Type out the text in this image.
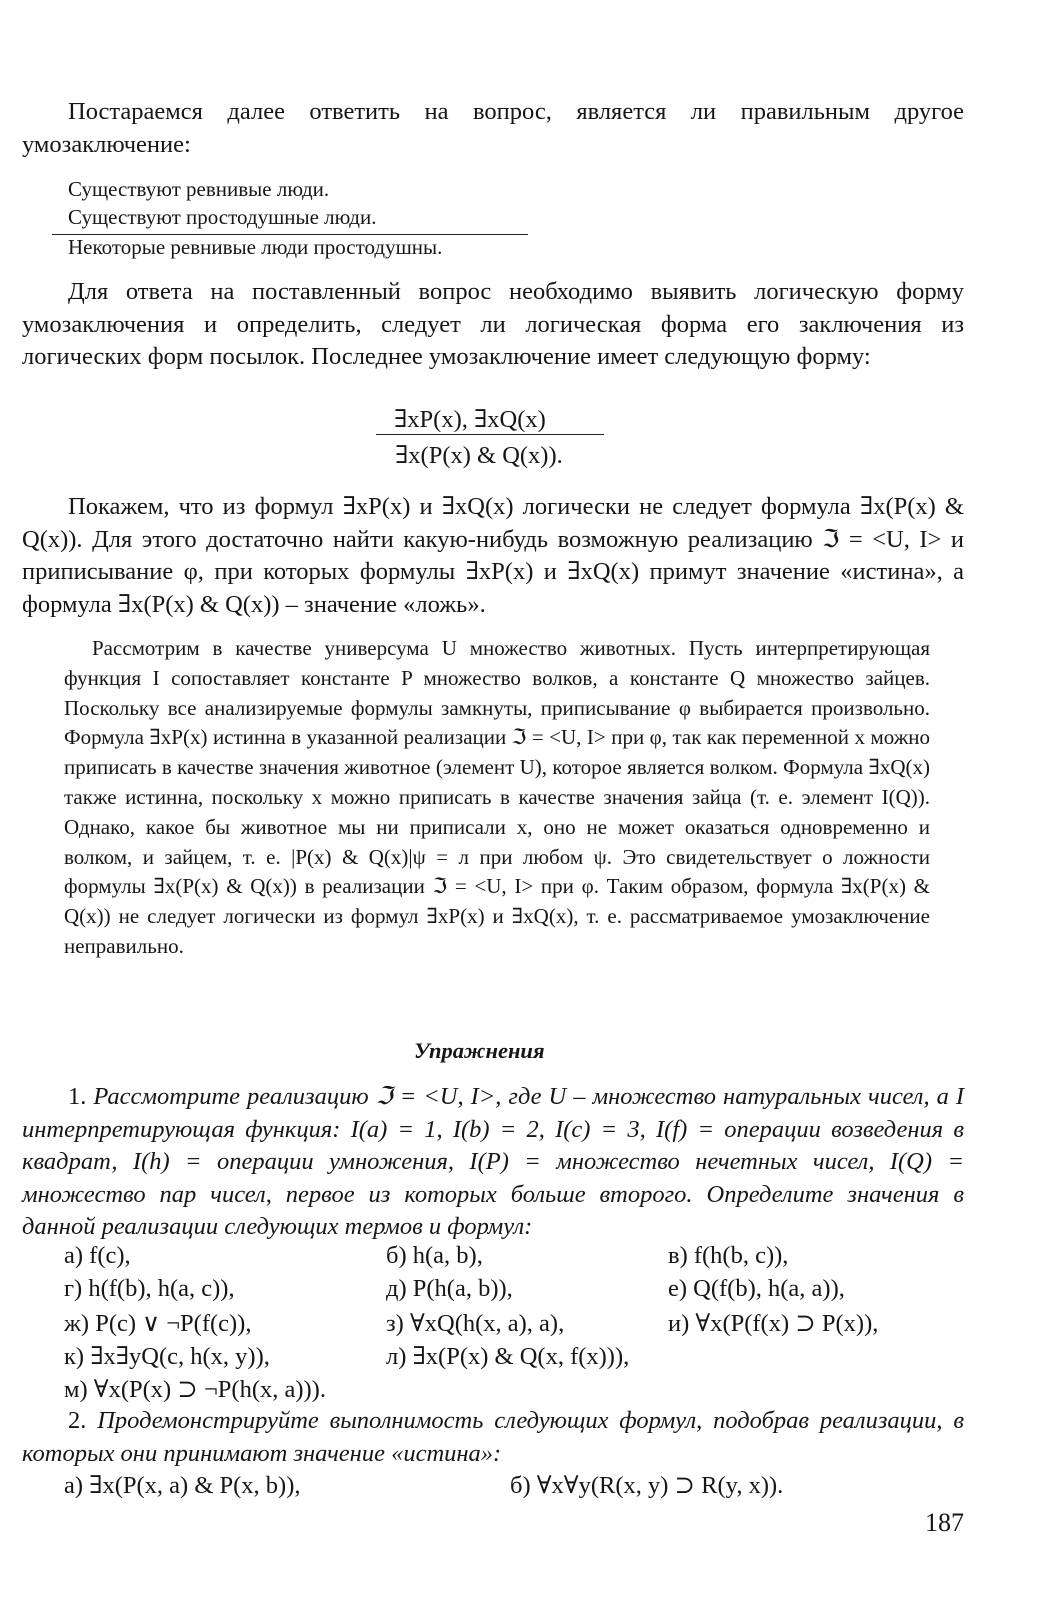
Постараемся далее ответить на вопрос, является ли правильным другое умозаключение:

Существуют ревнивые люди.
Существуют простодушные люди.
Некоторые ревнивые люди простодушны.

Для ответа на поставленный вопрос необходимо выявить логическую форму умозаключения и определить, следует ли логическая форма его заключения из логических форм посылок. Последнее умозаключение имеет следующую форму:

∃xP(x), ∃xQ(x)
∃x(P(x) & Q(x)).

Покажем, что из формул ∃xP(x) и ∃xQ(x) логически не следует формула ∃x(P(x) & Q(x)). Для этого достаточно найти какую-нибудь возможную реализацию ℑ = <U, I> и приписывание φ, при которых формулы ∃xP(x) и ∃xQ(x) примут значение «истина», а формула ∃x(P(x) & Q(x)) – значение «ложь».

Рассмотрим в качестве универсума U множество животных. Пусть интерпретирующая функция I сопоставляет константе P множество волков, а константе Q множество зайцев. Поскольку все анализируемые формулы замкнуты, приписывание φ выбирается произвольно. Формула ∃xP(x) истинна в указанной реализации ℑ = <U, I> при φ, так как переменной x можно приписать в качестве значения животное (элемент U), которое является волком. Формула ∃xQ(x) также истинна, поскольку x можно приписать в качестве значения зайца (т. е. элемент I(Q)). Однако, какое бы животное мы ни приписали x, оно не может оказаться одновременно и волком, и зайцем, т. е. |P(x) & Q(x)|ψ = л при любом ψ. Это свидетельствует о ложности формулы ∃x(P(x) & Q(x)) в реализации ℑ = <U, I> при φ. Таким образом, формула ∃x(P(x) & Q(x)) не следует логически из формул ∃xP(x) и ∃xQ(x), т. е. рассматриваемое умозаключение неправильно.

Упражнения

1. Рассмотрите реализацию ℑ = <U, I>, где U – множество натуральных чисел, а I интерпретирующая функция: I(a) = 1, I(b) = 2, I(c) = 3, I(f) = операции возведения в квадрат, I(h) = операции умножения, I(P) = множество нечетных чисел, I(Q) = множество пар чисел, первое из которых больше второго. Определите значения в данной реализации следующих термов и формул:

а) f(c),	б) h(a, b),	в) f(h(b, c)),
г) h(f(b), h(a, c)),	д) P(h(a, b)),	е) Q(f(b), h(a, a)),
ж) P(c) ∨ ¬P(f(c)),	з) ∀xQ(h(x, a), a),	и) ∀x(P(f(x) ⊃ P(x)),
к) ∃x∃yQ(c, h(x, y)),	л) ∃x(P(x) & Q(x, f(x))),
м) ∀x(P(x) ⊃ ¬P(h(x, a))).

2. Продемонстрируйте выполнимость следующих формул, подобрав реализации, в которых они принимают значение «истина»:

а) ∃x(P(x, a) & P(x, b)),	б) ∀x∀y(R(x, y) ⊃ R(y, x)).
187
